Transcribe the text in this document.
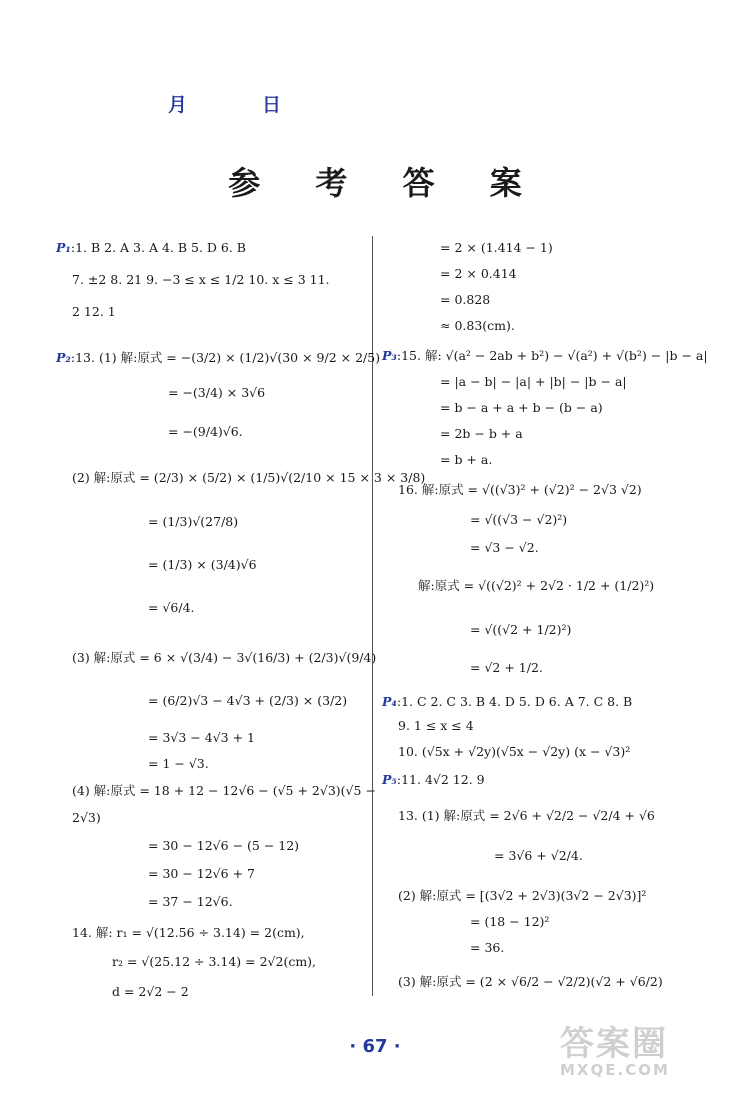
月	日
参 考 答 案
P₁:1. B 2. A 3. A 4. B 5. D 6. B
7. ±2 8. 21 9. −3 ≤ x ≤ 1/2 10. x ≤ 3 11.
2 12. 1
P₂:13. (1) 解:原式 = −(3/2) × (1/2)√(30 × 9/2 × 2/5)
= −(3/4) × 3√6
= −(9/4)√6.
(2) 解:原式 = (2/3) × (5/2) × (1/5)√(2/10 × 15 × 3 × 3/8)
= (1/3)√(27/8)
= (1/3) × (3/4)√6
= √6/4.
(3) 解:原式 = 6 × √(3/4) − 3√(16/3) + (2/3)√(9/4)
= (6/2)√3 − 4√3 + (2/3) × (3/2)
= 3√3 − 4√3 + 1
= 1 − √3.
(4) 解:原式 = 18 + 12 − 12√6 − (√5 + 2√3)(√5 −
2√3)
= 30 − 12√6 − (5 − 12)
= 30 − 12√6 + 7
= 37 − 12√6.
14. 解: r₁ = √(12.56 ÷ 3.14) = 2(cm),
r₂ = √(25.12 ÷ 3.14) = 2√2(cm),
d = 2√2 − 2
= 2 × (1.414 − 1)
= 2 × 0.414
= 0.828
≈ 0.83(cm).
P₃:15. 解: √(a² − 2ab + b²) − √(a²) + √(b²) − |b − a|
= |a − b| − |a| + |b| − |b − a|
= b − a + a + b − (b − a)
= 2b − b + a
= b + a.
16. 解:原式 = √((√3)² + (√2)² − 2√3 √2)
= √((√3 − √2)²)
= √3 − √2.
解:原式 = √((√2)² + 2√2 · 1/2 + (1/2)²)
= √((√2 + 1/2)²)
= √2 + 1/2.
P₄:1. C 2. C 3. B 4. D 5. D 6. A 7. C 8. B
9. 1 ≤ x ≤ 4
10. (√5x + √2y)(√5x − √2y) (x − √3)²
P₅:11. 4√2 12. 9
13. (1) 解:原式 = 2√6 + √2/2 − √2/4 + √6
= 3√6 + √2/4.
(2) 解:原式 = [(3√2 + 2√3)(3√2 − 2√3)]²
= (18 − 12)²
= 36.
(3) 解:原式 = (2 × √6/2 − √2/2)(√2 + √6/2)
· 67 ·	答案圈
MXQE.COM
